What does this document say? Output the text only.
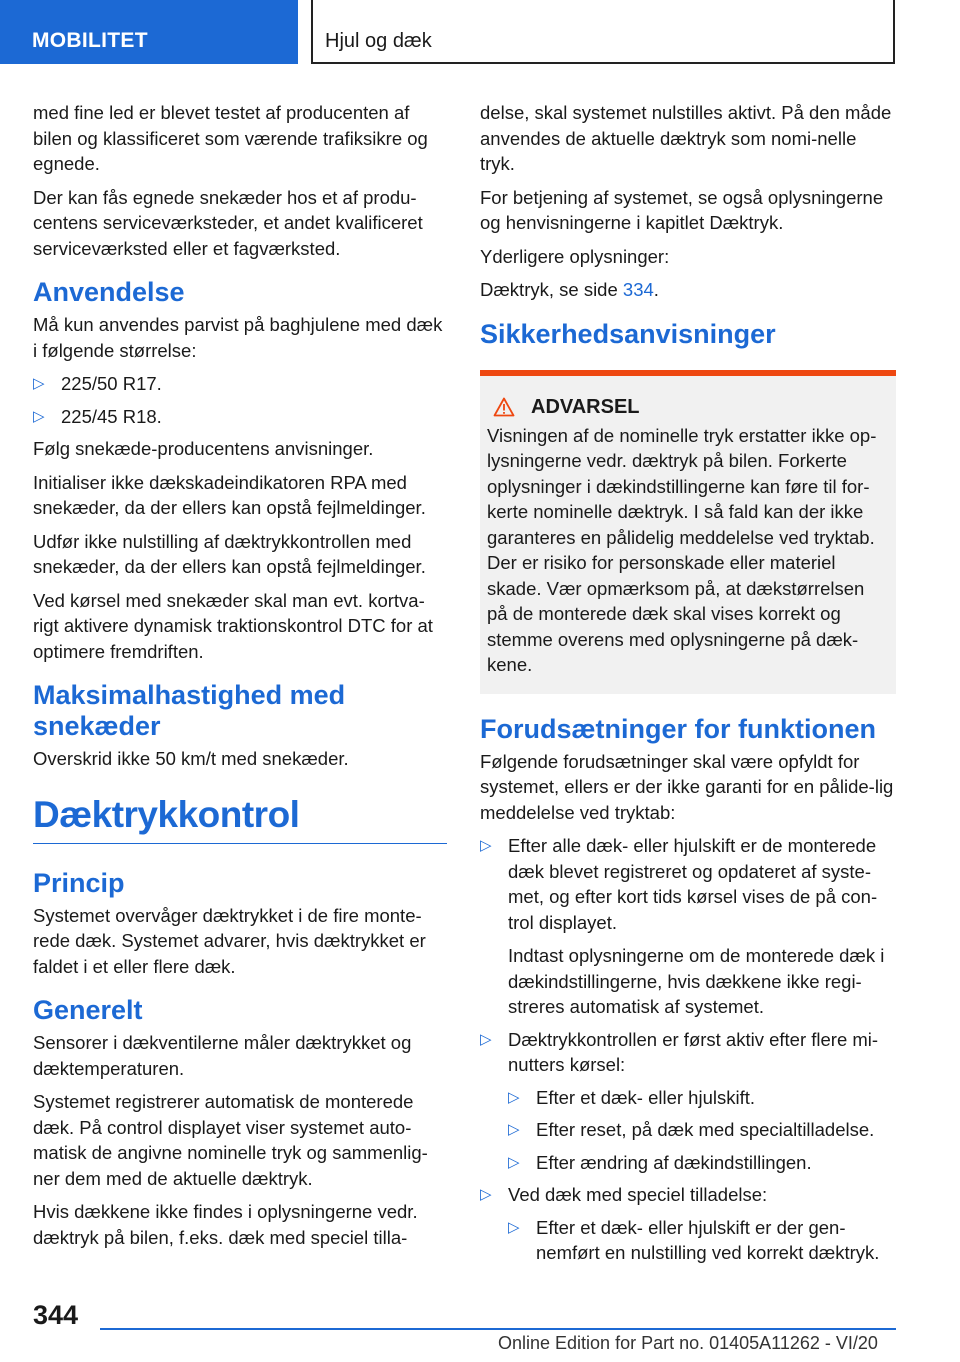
MOBILITET	Hjul og dæk

med fine led er blevet testet af producenten af bilen og klassificeret som værende trafiksikre og egnede.

Der kan fås egnede snekæder hos et af produ-centens serviceværksteder, et andet kvalificeret serviceværksted eller et fagværksted.

Anvendelse

Må kun anvendes parvist på baghjulene med dæk i følgende størrelse:

▷ 225/50 R17.
▷ 225/45 R18.

Følg snekæde-producentens anvisninger.

Initialiser ikke dækskadeindikatoren RPA med snekæder, da der ellers kan opstå fejlmeldinger.

Udfør ikke nulstilling af dæktrykkontrollen med snekæder, da der ellers kan opstå fejlmeldinger.

Ved kørsel med snekæder skal man evt. kortva-rigt aktivere dynamisk traktionskontrol DTC for at optimere fremdriften.

Maksimalhastighed med snekæder

Overskrid ikke 50 km/t med snekæder.

Dæktrykkontrol
Princip

Systemet overvåger dæktrykket i de fire monte-rede dæk. Systemet advarer, hvis dæktrykket er faldet i et eller flere dæk.

Generelt

Sensorer i dækventilerne måler dæktrykket og dæktemperaturen.

Systemet registrerer automatisk de monterede dæk. På control displayet viser systemet auto-matisk de angivne nominelle tryk og sammenlig-ner dem med de aktuelle dæktryk.

Hvis dækkene ikke findes i oplysningerne vedr. dæktryk på bilen, f.eks. dæk med speciel tilla-

delse, skal systemet nulstilles aktivt. På den måde anvendes de aktuelle dæktryk som nomi-nelle tryk.

For betjening af systemet, se også oplysningerne og henvisningerne i kapitlet Dæktryk.

Yderligere oplysninger:

Dæktryk, se side 334.

Sikkerhedsanvisninger
ADVARSEL

Visningen af de nominelle tryk erstatter ikke op-lysningerne vedr. dæktryk på bilen. Forkerte oplysninger i dækindstillingerne kan føre til for-kerte nominelle dæktryk. I så fald kan der ikke garanteres en pålidelig meddelelse ved tryktab. Der er risiko for personskade eller materiel skade. Vær opmærksom på, at dækstørrelsen på de monterede dæk skal vises korrekt og stemme overens med oplysningerne på dæk-kene.

Forudsætninger for funktionen

Følgende forudsætninger skal være opfyldt for systemet, ellers er der ikke garanti for en pålide-lig meddelelse ved tryktab:

▷ Efter alle dæk- eller hjulskift er de monterede dæk blevet registreret og opdateret af syste-met, og efter kort tids kørsel vises de på con-trol displayet.
Indtast oplysningerne om de monterede dæk i dækindstillingerne, hvis dækkene ikke regi-streres automatisk af systemet.
▷ Dæktrykkontrollen er først aktiv efter flere mi-nutters kørsel:
▷ Efter et dæk- eller hjulskift.
▷ Efter reset, på dæk med specialtilladelse.
▷ Efter ændring af dækindstillingen.
▷ Ved dæk med speciel tilladelse:
▷ Efter et dæk- eller hjulskift er der gen-nemført en nulstilling ved korrekt dæktryk.
344
Online Edition for Part no. 01405A11262 - VI/20
